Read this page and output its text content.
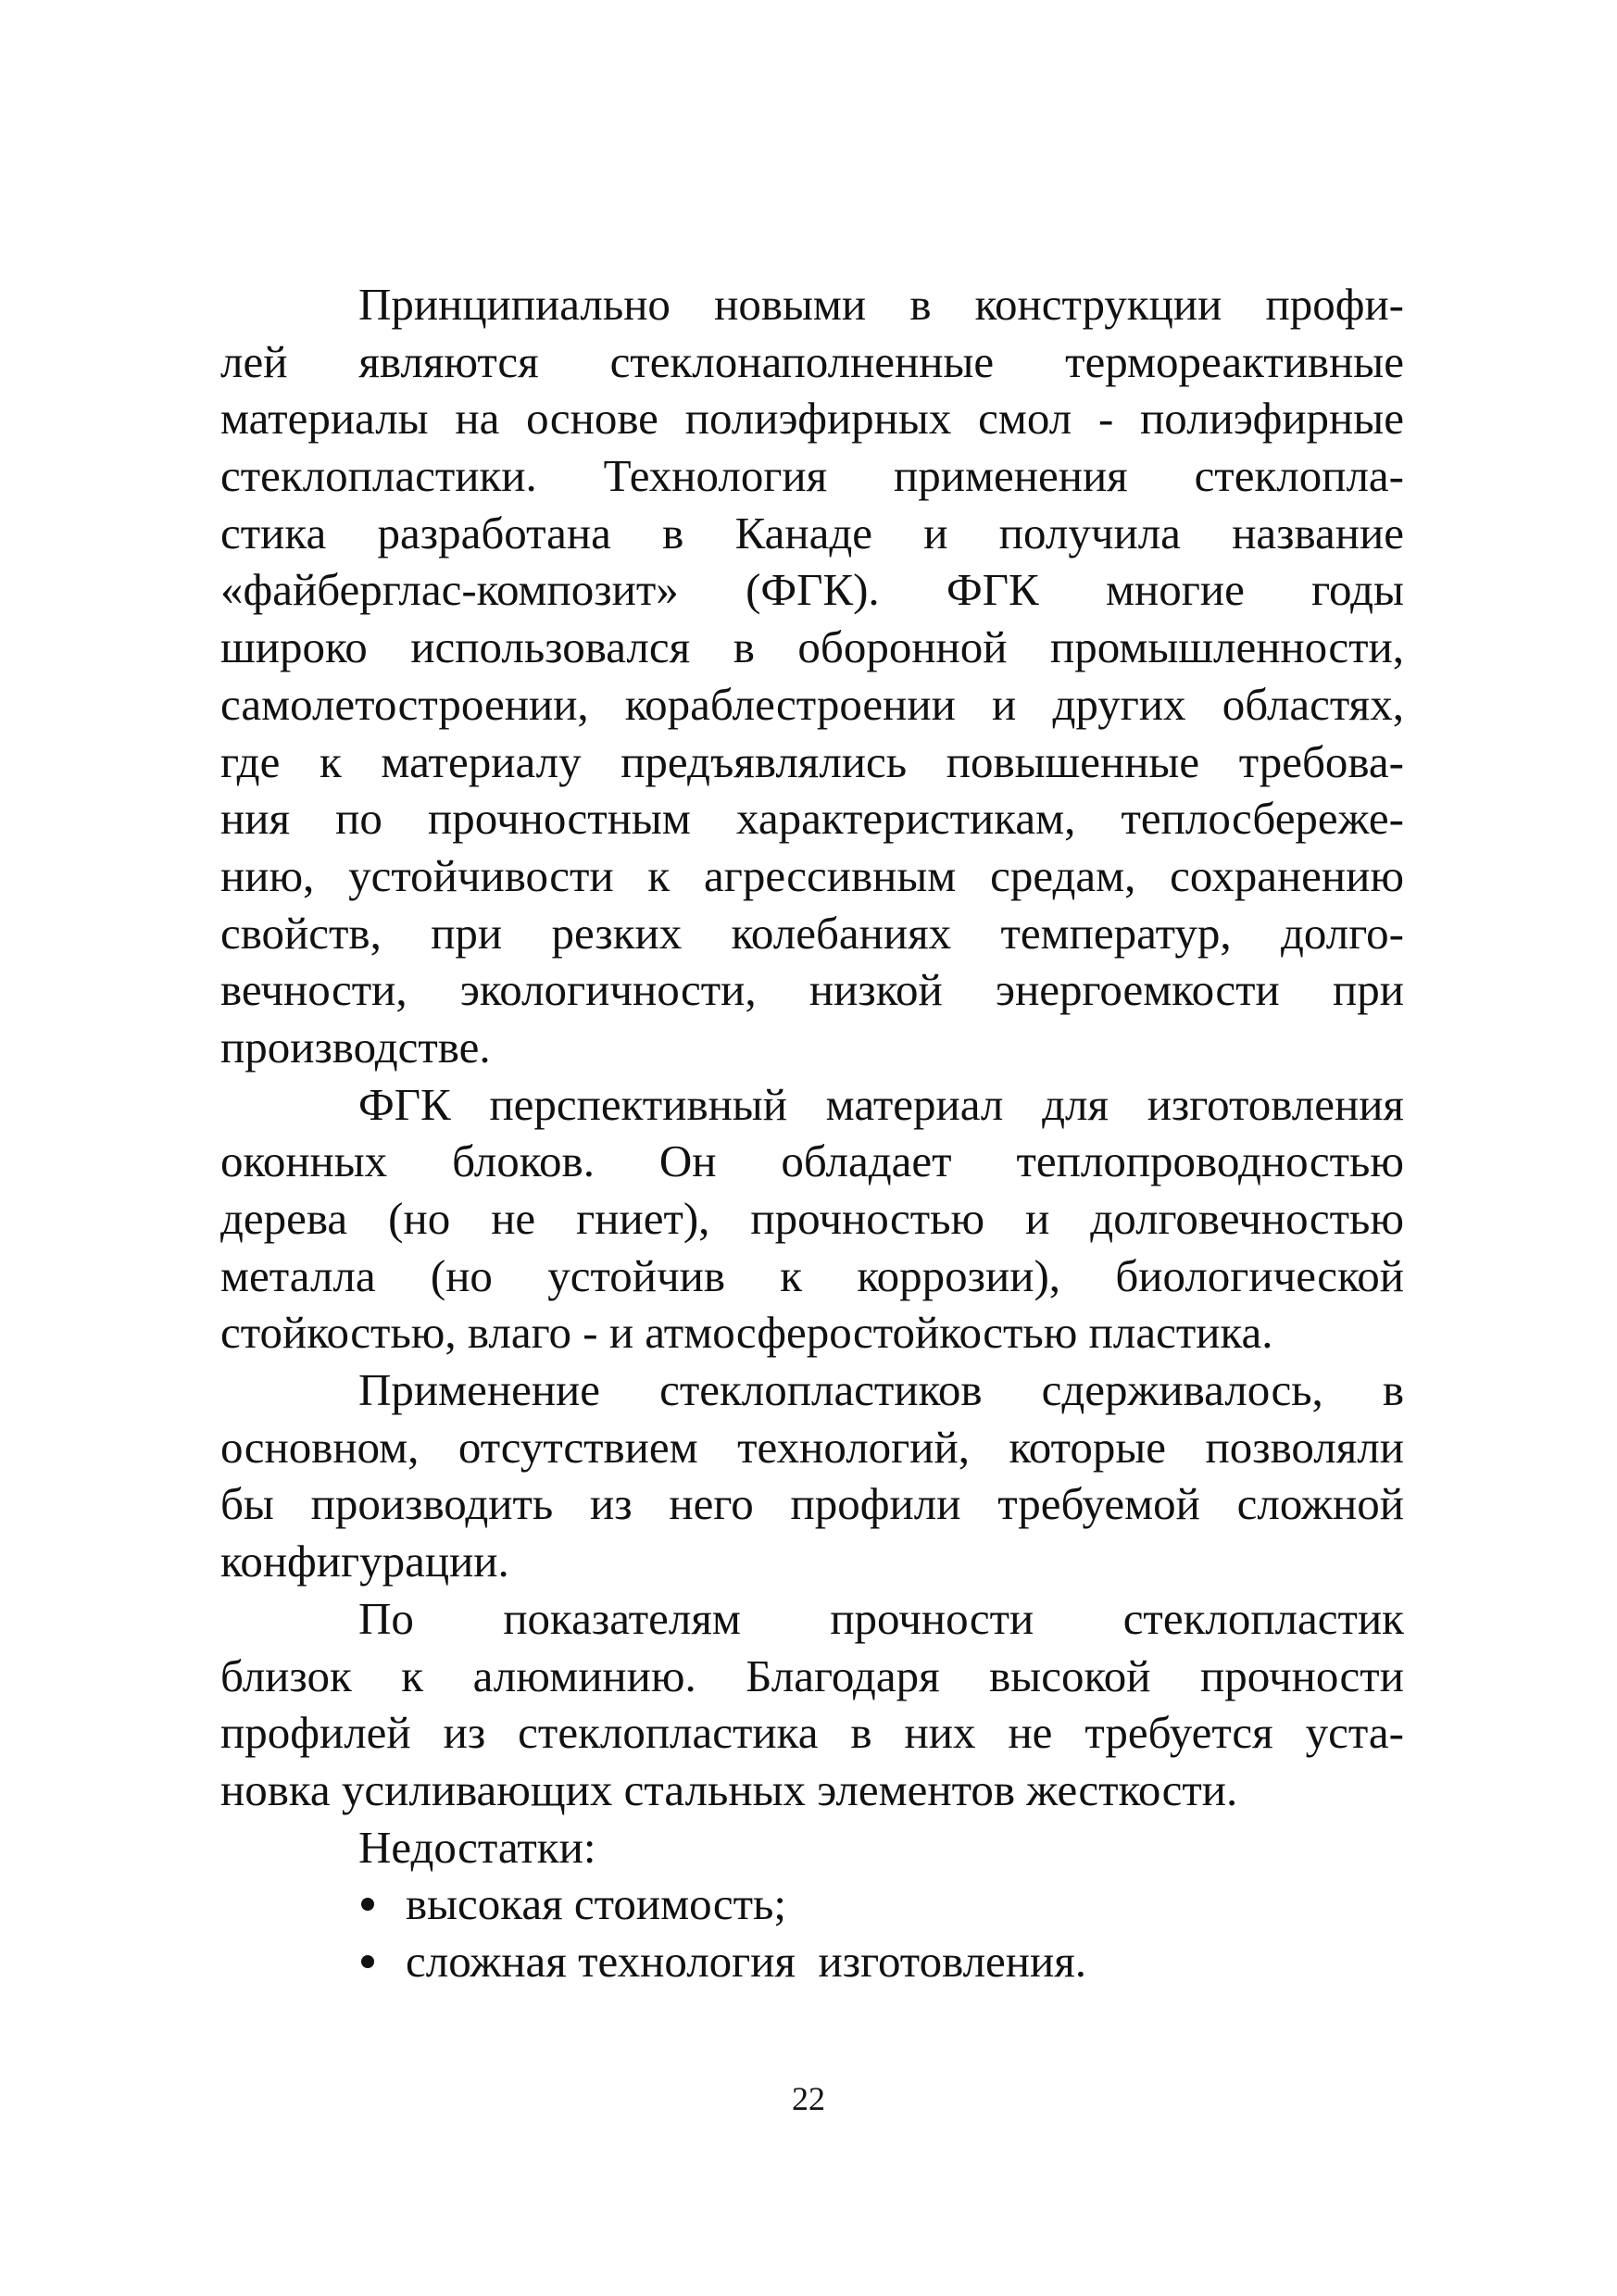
Принципиально новыми в конструкции профи-
лей являются стеклонаполненные термореактивные
материалы на основе полиэфирных смол - полиэфирные
стеклопластики. Технология применения стеклопла-
стика разработана в Канаде и получила название
«файберглас-композит» (ФГК). ФГК многие годы
широко использовался в оборонной промышленности,
самолетостроении, кораблестроении и других областях,
где к материалу предъявлялись повышенные требова-
ния по прочностным характеристикам, теплосбереже-
нию, устойчивости к агрессивным средам, сохранению
свойств, при резких колебаниях температур, долго-
вечности, экологичности, низкой энергоемкости при
производстве.
ФГК перспективный материал для изготовления
оконных блоков. Он обладает теплопроводностью
дерева (но не гниет), прочностью и долговечностью
металла (но устойчив к коррозии), биологической
стойкостью, влаго - и атмосферостойкостью пластика.
Применение стеклопластиков сдерживалось, в
основном, отсутствием технологий, которые позволяли
бы производить из него профили требуемой сложной
конфигурации.
По показателям прочности стеклопластик
близок к алюминию. Благодаря высокой прочности
профилей из стеклопластика в них не требуется уста-
новка усиливающих стальных элементов жесткости.
Недостатки:
высокая стоимость;
сложная технология  изготовления.
22
